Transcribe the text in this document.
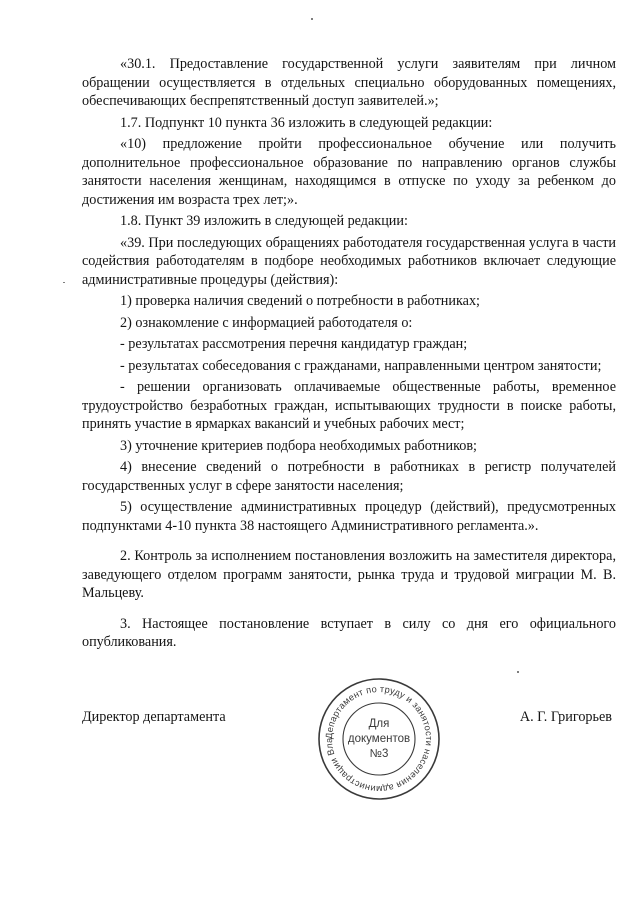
«30.1. Предоставление государственной услуги заявителям при личном обращении осуществляется в отдельных специально оборудованных помещениях, обеспечивающих беспрепятственный доступ заявителей.»;

1.7. Подпункт 10 пункта 36 изложить в следующей редакции:

«10) предложение пройти профессиональное обучение или получить дополнительное профессиональное образование по направлению органов службы занятости населения женщинам, находящимся в отпуске по уходу за ребенком до достижения им возраста трех лет;».

1.8. Пункт 39 изложить в следующей редакции:

«39. При последующих обращениях работодателя государственная услуга в части содействия работодателям в подборе необходимых работников включает следующие административные процедуры (действия):

1) проверка наличия сведений о потребности в работниках;

2) ознакомление с информацией работодателя о:

- результатах рассмотрения перечня кандидатур граждан;

- результатах собеседования с гражданами, направленными центром занятости;

- решении организовать оплачиваемые общественные работы, временное трудоустройство безработных граждан, испытывающих трудности в поиске работы, принять участие в ярмарках вакансий и учебных рабочих мест;

3) уточнение критериев подбора необходимых работников;

4) внесение сведений о потребности в работниках в регистр получателей государственных услуг в сфере занятости населения;

5) осуществление административных процедур (действий), предусмотренных подпунктами 4-10 пункта 38 настоящего Административного регламента.».

2. Контроль за исполнением постановления возложить на заместителя директора, заведующего отделом программ занятости, рынка труда и трудовой миграции М. В. Мальцеву.

3. Настоящее постановление вступает в силу со дня его официального опубликования.

Директор департамента	А. Г. Григорьев
Департамент по труду и занятости населения администрации Вла
Для
документов
№3
